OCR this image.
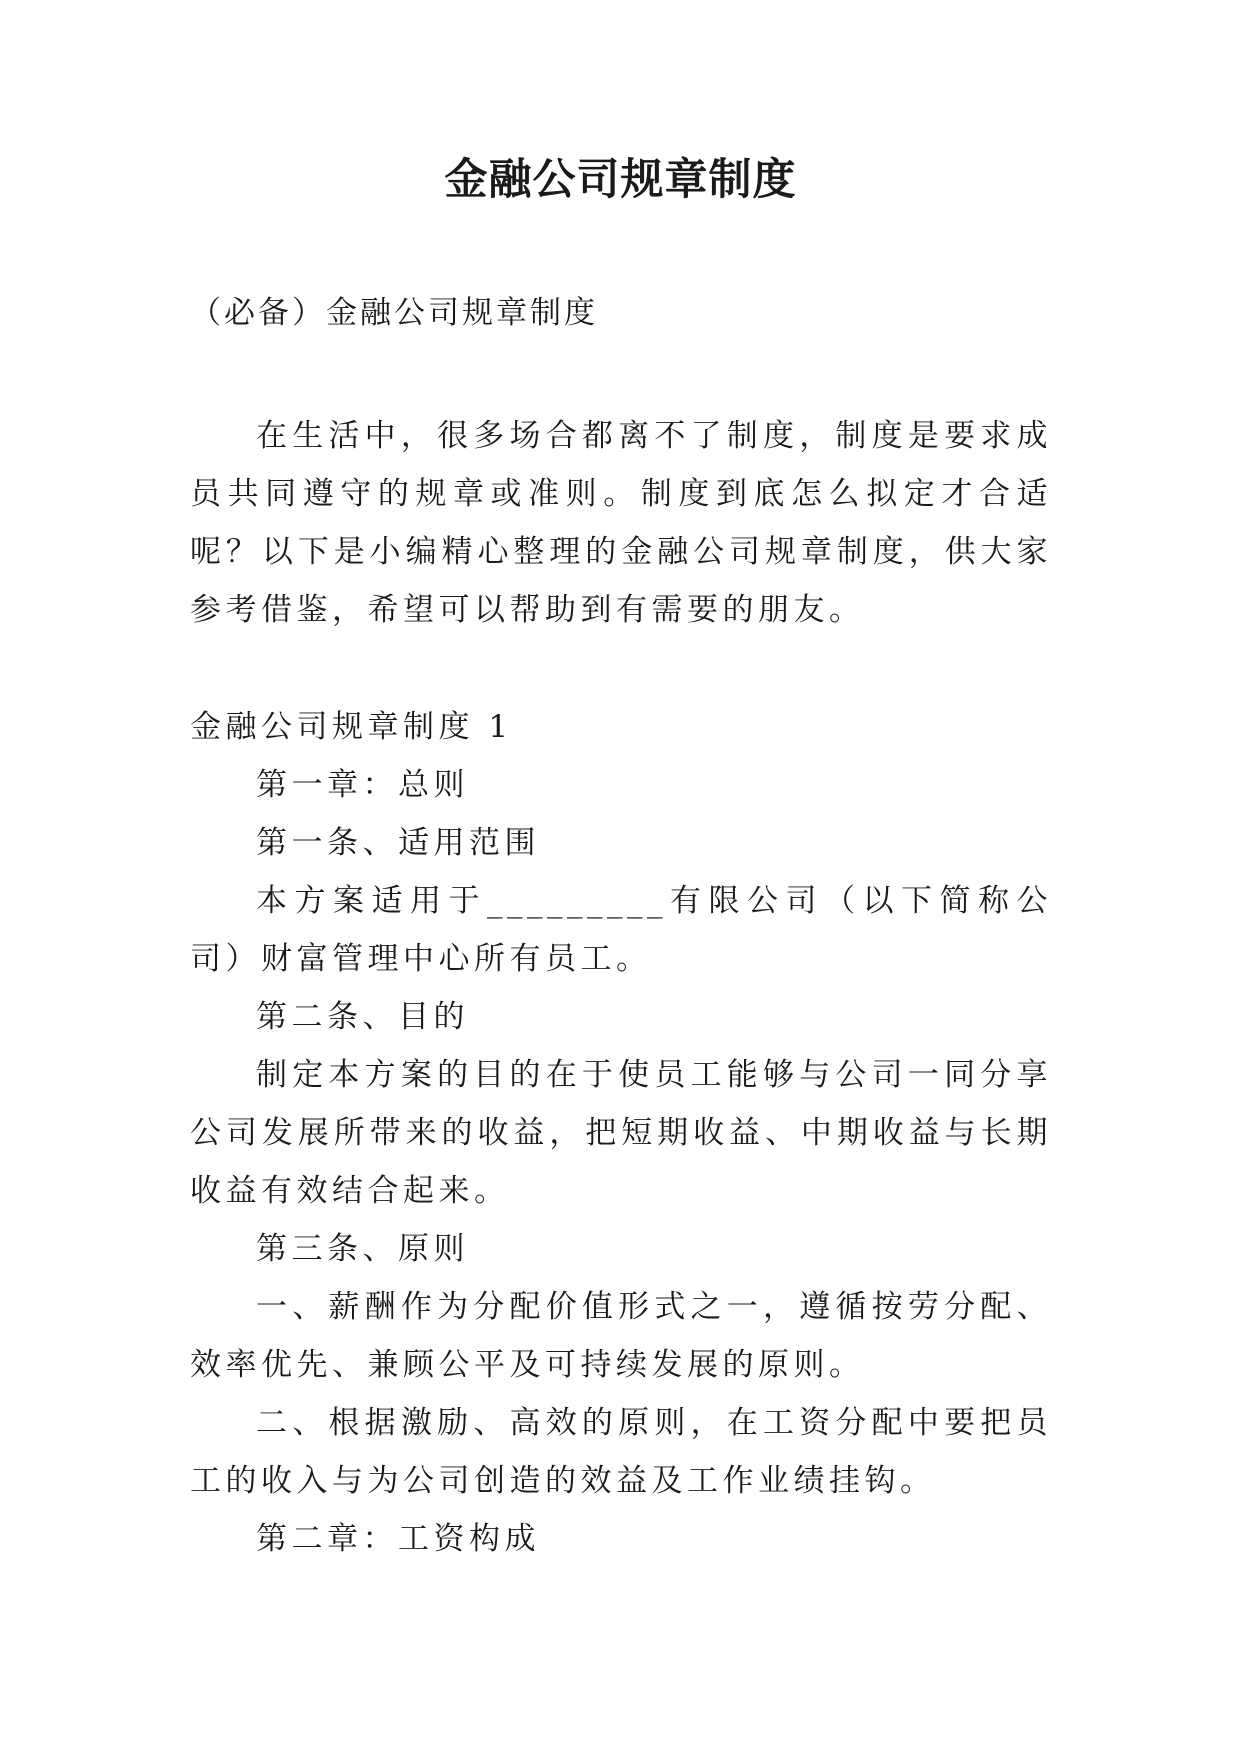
金融公司规章制度
（必备）金融公司规章制度

在生活中，很多场合都离不了制度，制度是要求成员共同遵守的规章或准则。制度到底怎么拟定才合适呢？以下是小编精心整理的金融公司规章制度，供大家参考借鉴，希望可以帮助到有需要的朋友。

金融公司规章制度 1

第一章：总则

第一条、适用范围

本方案适用于_________有限公司（以下简称公司）财富管理中心所有员工。

第二条、目的

制定本方案的目的在于使员工能够与公司一同分享公司发展所带来的收益，把短期收益、中期收益与长期收益有效结合起来。

第三条、原则

一、薪酬作为分配价值形式之一，遵循按劳分配、效率优先、兼顾公平及可持续发展的原则。

二、根据激励、高效的原则，在工资分配中要把员工的收入与为公司创造的效益及工作业绩挂钩。

第二章：工资构成
